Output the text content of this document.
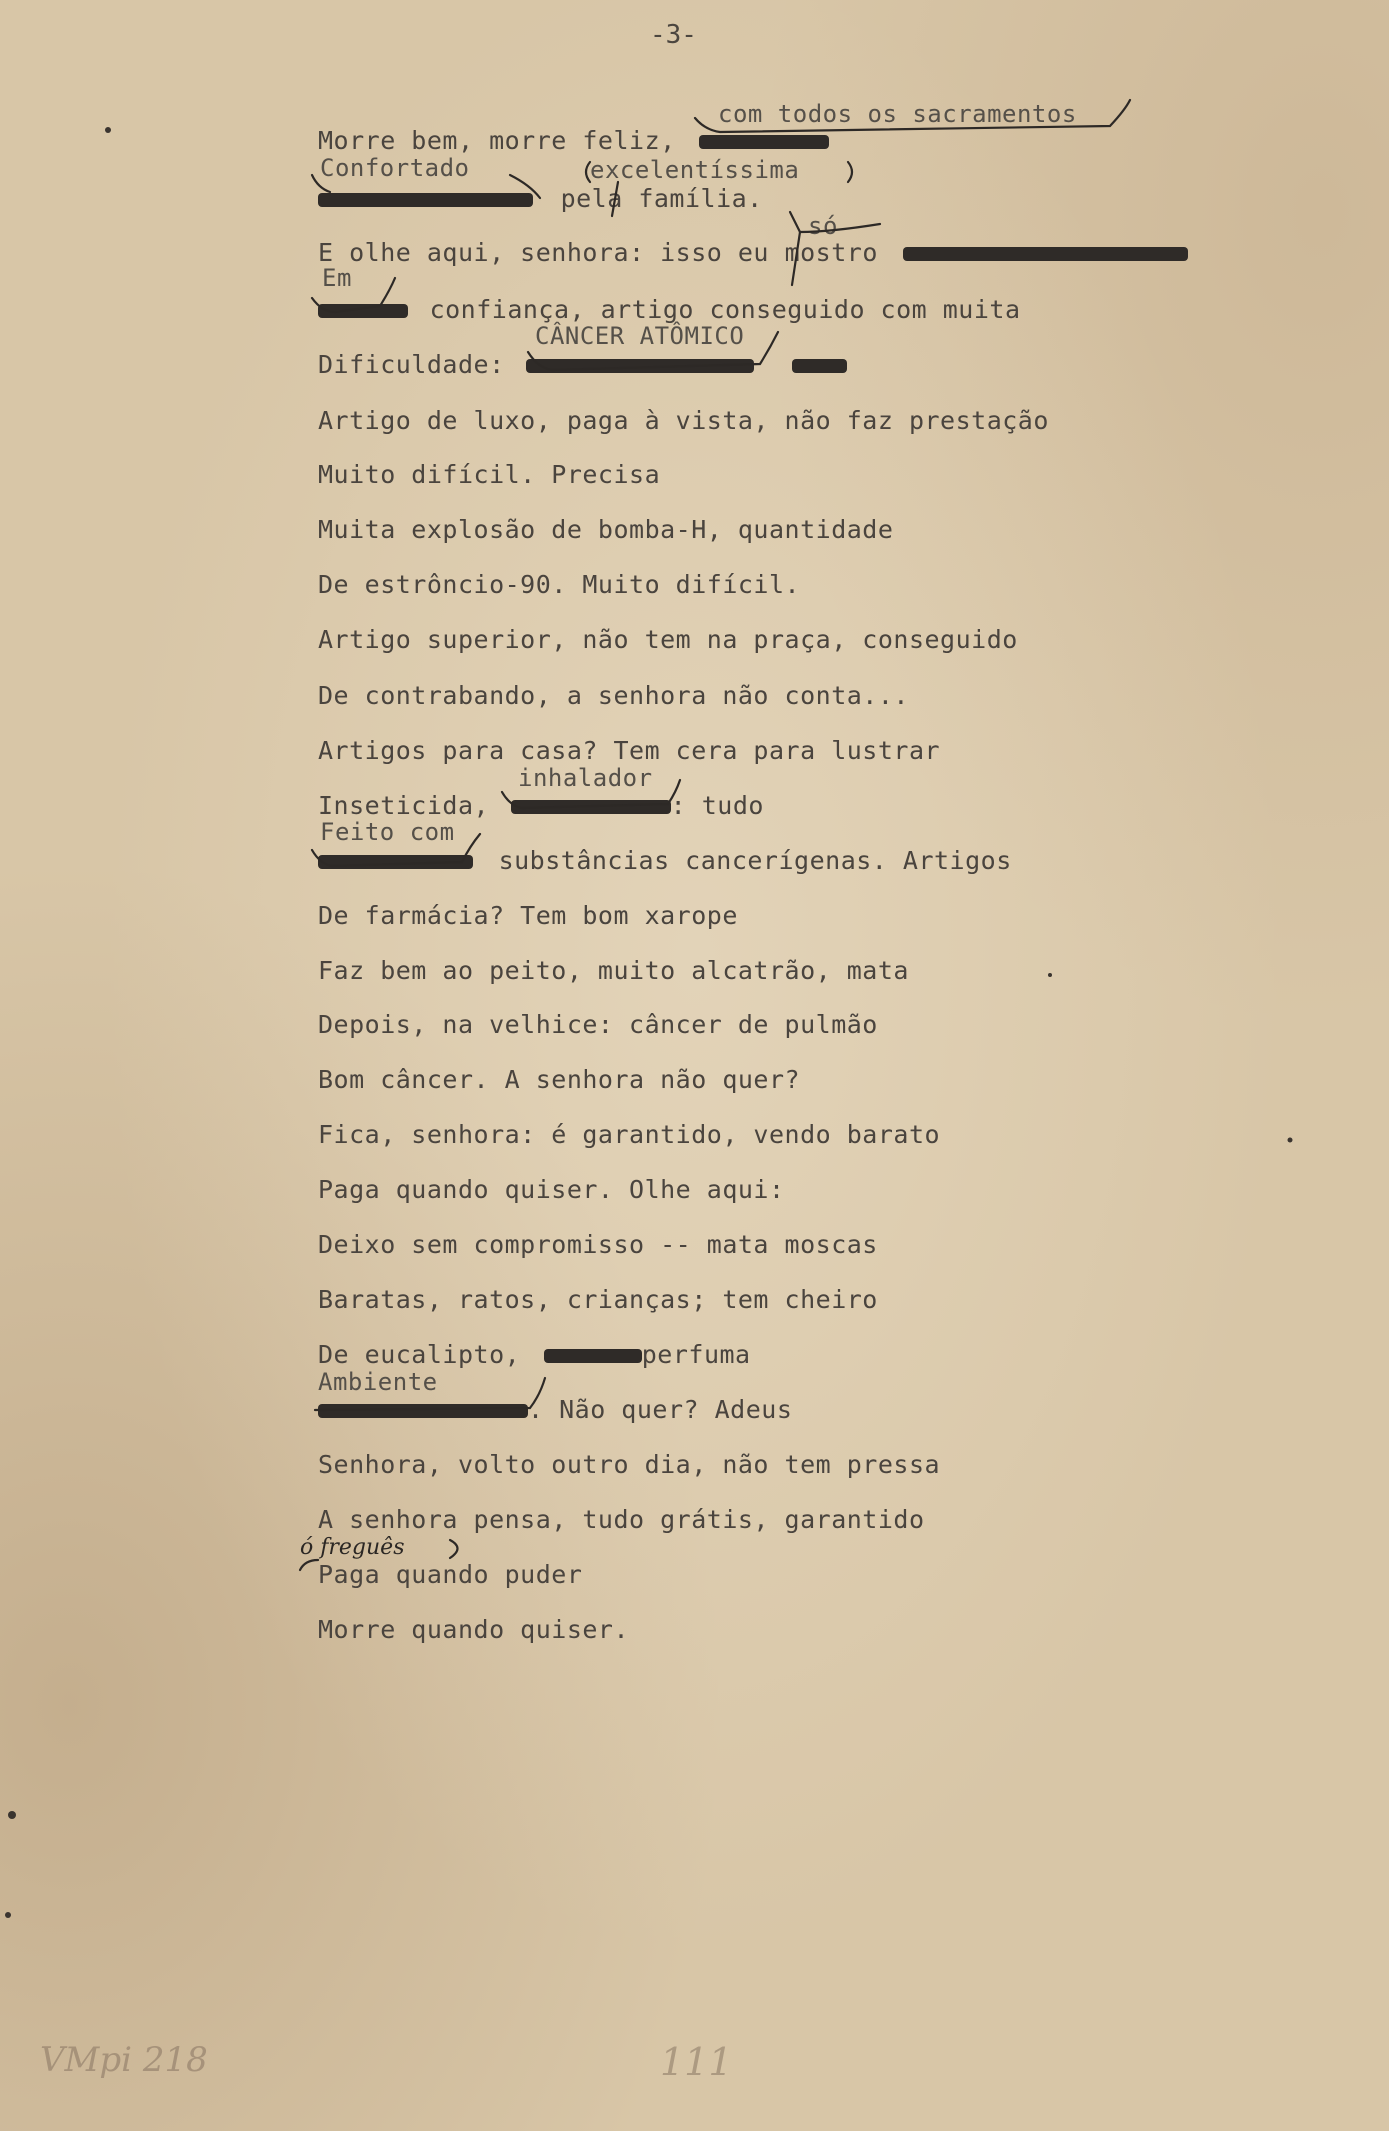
-3-
com todos os sacramentos
Morre bem, morre feliz,
Confortado	excelentíssima
pela família.
só
E olhe aqui, senhora: isso eu mostro
Em
confiança, artigo conseguido com muita
CÂNCER ATÔMICO
Dificuldade:
Artigo de luxo, paga à vista, não faz prestação
Muito difícil. Precisa
Muita explosão de bomba-H, quantidade
De estrôncio-90. Muito difícil.
Artigo superior, não tem na praça, conseguido
De contrabando, a senhora não conta...
Artigos para casa? Tem cera para lustrar
inhalador
Inseticida,	: tudo
Feito com
substâncias cancerígenas. Artigos
De farmácia? Tem bom xarope
Faz bem ao peito, muito alcatrão, mata
Depois, na velhice: câncer de pulmão
Bom câncer. A senhora não quer?
Fica, senhora: é garantido, vendo barato
Paga quando quiser. Olhe aqui:
Deixo sem compromisso -- mata moscas
Baratas, ratos, crianças; tem cheiro
De eucalipto,	perfuma
Ambiente
. Não quer? Adeus
Senhora, volto outro dia, não tem pressa
A senhora pensa, tudo grátis, garantido
ó freguês
Paga quando puder
Morre quando quiser.
VMpi 218	111
